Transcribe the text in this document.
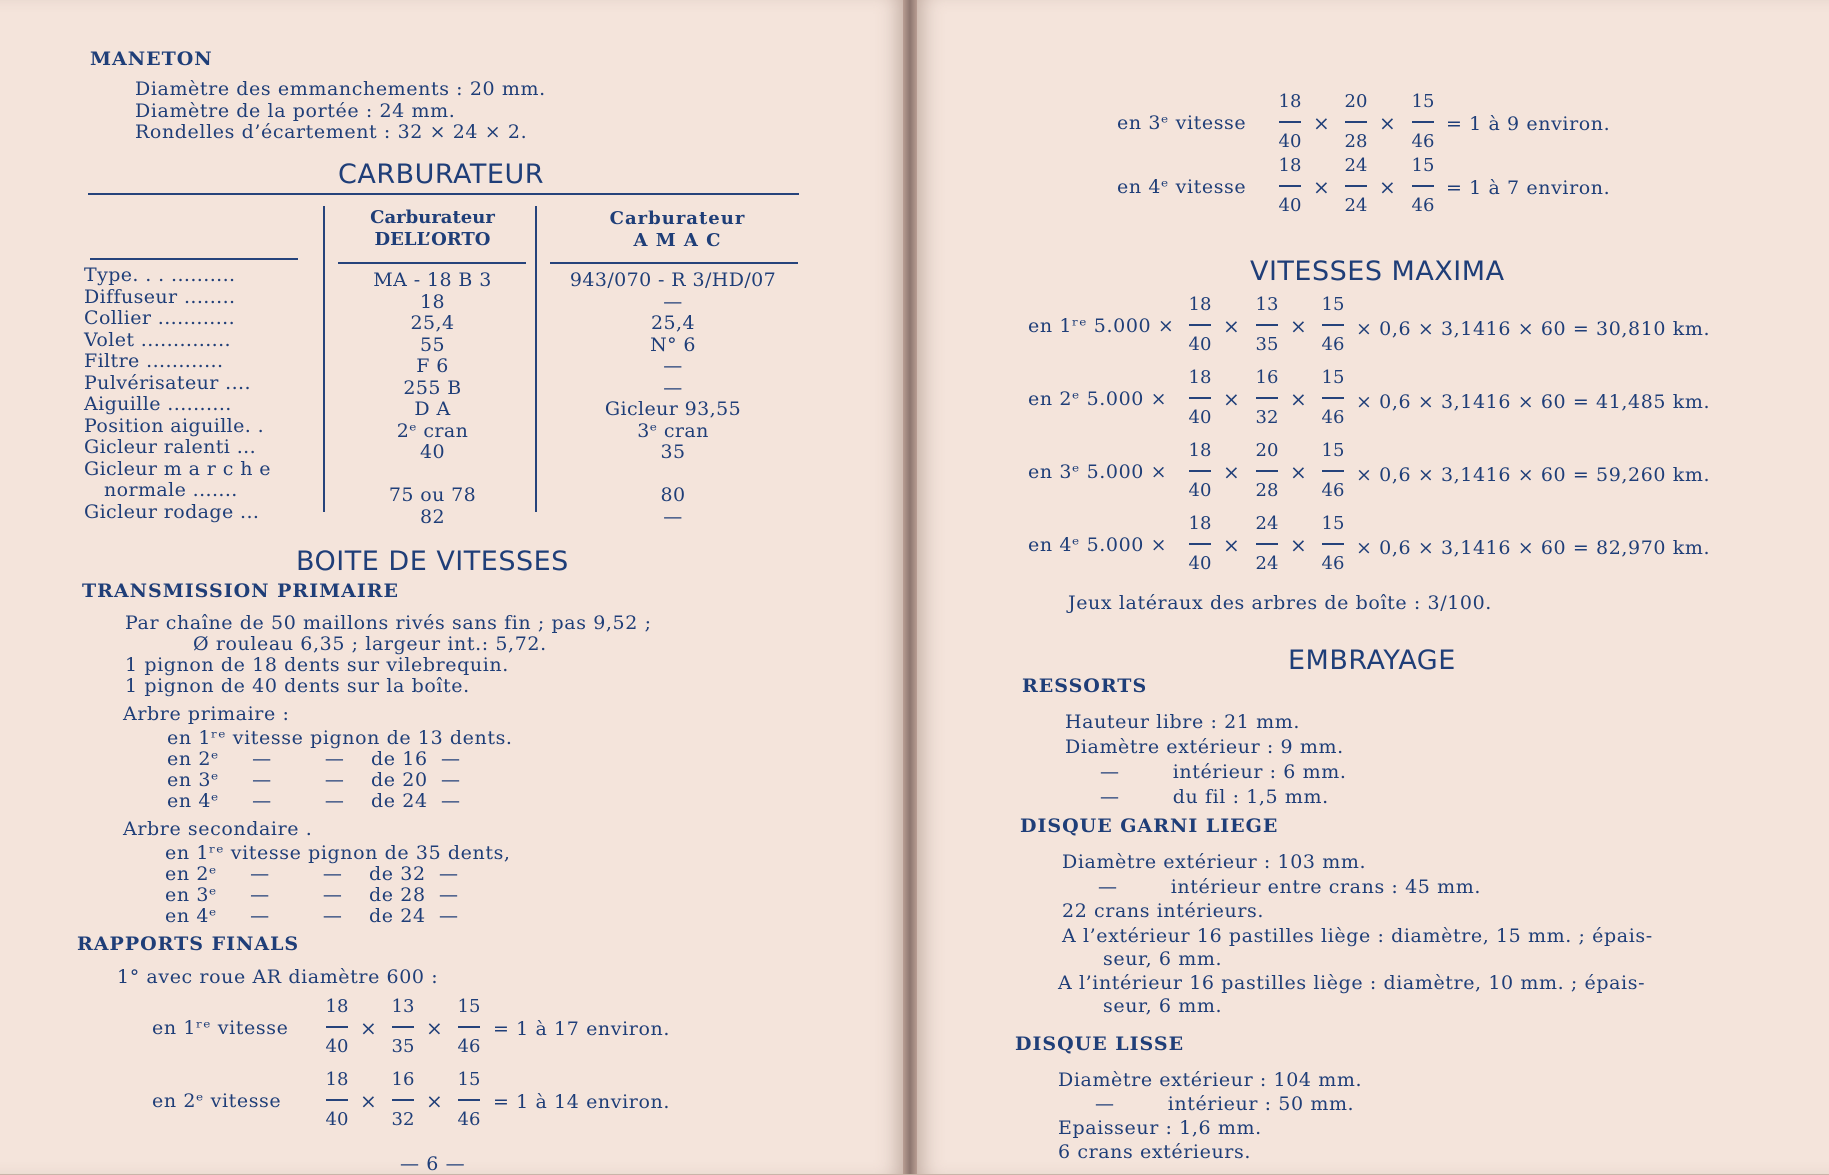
MANETON
Diamètre des emmanchements : 20 mm.
Diamètre de la portée : 24 mm.
Rondelles d’écartement : 32 × 24 × 2.
CARBURATEUR
Carburateur
DELL’ORTO
Carburateur
A M A C
Type. . . ..........
Diffuseur ........
Collier ............
Volet ..............
Filtre ............
Pulvérisateur ....
Aiguille ..........
Position aiguille. .
Gicleur ralenti ...
Gicleur m a r c h e
normale .......
Gicleur rodage ...
MA - 18 B 3
18
25,4
55
F 6
255 B
D A
2ᵉ cran
40
75 ou 78
82
943/070 - R 3/HD/07
—
25,4
N° 6
—
—
Gicleur 93,55
3ᵉ cran
35
80
—
BOITE DE VITESSES
TRANSMISSION PRIMAIRE
Par chaîne de 50 maillons rivés sans fin ; pas 9,52 ;
Ø rouleau 6,35 ; largeur int.: 5,72.
1 pignon de 18 dents sur vilebrequin.
1 pignon de 40 dents sur la boîte.
Arbre primaire :
en 1ʳᵉ vitesse pignon de 13 dents.
en 2ᵉ     —        —    de 16  —
en 3ᵉ     —        —    de 20  —
en 4ᵉ     —        —    de 24  —
Arbre secondaire .
en 1ʳᵉ vitesse pignon de 35 dents,
en 2ᵉ     —        —    de 32  —
en 3ᵉ     —        —    de 28  —
en 4ᵉ     —        —    de 24  —
RAPPORTS FINALS
1° avec roue AR diamètre 600 :
en 1ʳᵉ vitesse
18
40
×
13
35
×
15
46
= 1 à 17 environ.
en 2ᵉ vitesse
18
40
×
16
32
×
15
46
= 1 à 14 environ.
— 6 —
en 3ᵉ vitesse
18
40
×
20
28
×
15
46
= 1 à 9 environ.
en 4ᵉ vitesse
18
40
×
24
24
×
15
46
= 1 à 7 environ.
VITESSES MAXIMA
en 1ʳᵉ 5.000 ×
18
40
×
13
35
×
15
46
× 0,6 × 3,1416 × 60 = 30,810 km.
en 2ᵉ 5.000 ×
18
40
×
16
32
×
15
46
× 0,6 × 3,1416 × 60 = 41,485 km.
en 3ᵉ 5.000 ×
18
40
×
20
28
×
15
46
× 0,6 × 3,1416 × 60 = 59,260 km.
en 4ᵉ 5.000 ×
18
40
×
24
24
×
15
46
× 0,6 × 3,1416 × 60 = 82,970 km.
Jeux latéraux des arbres de boîte : 3/100.
EMBRAYAGE
RESSORTS
Hauteur libre : 21 mm.
Diamètre extérieur : 9 mm.
—        intérieur : 6 mm.
—        du fil : 1,5 mm.
DISQUE GARNI LIEGE
Diamètre extérieur : 103 mm.
—        intérieur entre crans : 45 mm.
22 crans intérieurs.
A l’extérieur 16 pastilles liège : diamètre, 15 mm. ; épais-
seur, 6 mm.
A l’intérieur 16 pastilles liège : diamètre, 10 mm. ; épais-
seur, 6 mm.
DISQUE LISSE
Diamètre extérieur : 104 mm.
—        intérieur : 50 mm.
Epaisseur : 1,6 mm.
6 crans extérieurs.
